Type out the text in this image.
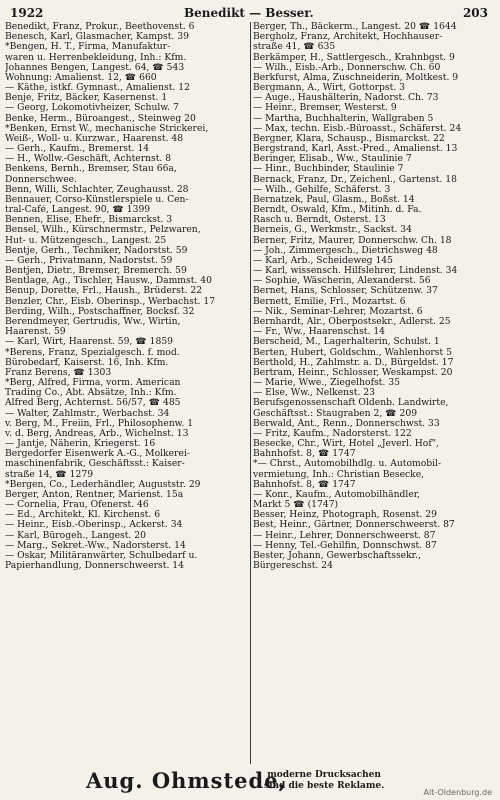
1922	Benedikt — Besser.	203
Benedikt, Franz, Prokur., Beethovenst. 6
Benesch, Karl, Glasmacher, Kampst. 39
*Bengen, H. T., Firma, Manufaktur-
waren u. Herrenbekleidung, Inh.: Kfm.
Johannes Bengen, Langest. 64, ☎ 543
Wohnung: Amalienst. 12, ☎ 660
— Käthe, istkf. Gymnast., Amalienst. 12
Benje, Fritz, Bäcker, Kasernenst. 1
— Georg, Lokomotivheizer, Schulw. 7
Benke, Herm., Büroangest., Steinweg 20
*Benken, Ernst W., mechanische Strickerei,
Weiß-, Woll- u. Kurzwar., Haarenst. 48
— Gerh., Kaufm., Bremerst. 14
— H., Wollw.-Geschäft, Achternst. 8
Benkens, Bernh., Bremser, Stau 66a,
Donnerschwee.
Benn, Willi, Schlachter, Zeughausst. 28
Bennauer, Corso-Künstlerspiele u. Cen-
tral-Café, Langest. 90, ☎ 1399
Bennen, Elise, Ehefr., Bismarckst. 3
Bensel, Wilh., Kürschnermstr., Pelzwaren,
Hut- u. Mützengesch., Langest. 25
Bentje, Gerh., Techniker, Nadorstst. 59
— Gerh., Privatmann, Nadorstst. 59
Bentjen, Dietr., Bremser, Bremerch. 59
Bentlage, Ag., Tischler, Hausw., Dammst. 40
Benup, Dorette, Frl., Haush., Brüderst. 22
Benzler, Chr., Eisb. Oberinsp., Werbachst. 17
Berding, Wilh., Postschaffner, Bocksf. 32
Berendmeyer, Gertrudis, Ww., Wirtin,
Haarenst. 59
— Karl, Wirt, Haarenst. 59, ☎ 1859
*Berens, Franz, Spezialgesch. f. mod.
Bürobedarf, Kaiserst. 16, Inh. Kfm.
Franz Berens, ☎ 1303
*Berg, Alfred, Firma, vorm. American
Trading Co., Abt. Absätze, Inh.: Kfm.
Alfred Berg, Achternst. 56/57, ☎ 485
— Walter, Zahlmstr., Werbachst. 34
v. Berg, M., Freiin, Frl., Philosophenw. 1
v. d. Berg, Andreas, Arb., Wichelnst. 13
— Jantje, Näherin, Kriegerst. 16
Bergedorfer Eisenwerk A.-G., Molkerei-
maschinenfabrik, Geschäftsst.: Kaiser-
straße 14, ☎ 1279
*Bergen, Co., Lederhändler, Auguststr. 29
Berger, Anton, Rentner, Marienst. 15a
— Cornelia, Frau, Ofenerst. 46
— Ed., Architekt, Kl. Kirchenst. 6
— Heinr., Eisb.-Oberinsp., Ackerst. 34
— Karl, Bürogeh., Langest. 20
— Marg., Sekret.-Ww., Nadorsterst. 14
— Oskar, Militäranwärter, Schulbedarf u.
Papierhandlung, Donnerschweerst. 14
Berger, Th., Bäckerm., Langest. 20 ☎ 1644
Bergholz, Franz, Architekt, Hochhauser-
straße 41, ☎ 635
Berkämper, H., Sattlergesch., Krahnbgst. 9
— Wilh., Eisb.-Arb., Donnerschw. Ch. 60
Berkfurst, Alma, Zuschneiderin, Moltkest. 9
Bergmann, A., Wirt, Gottorpst. 3
— Auge., Haushälterin, Nadorst. Ch. 73
— Heinr., Bremser, Westerst. 9
— Martha, Buchhalterin, Wallgraben 5
— Max, techn. Eisb.-Büroasst., Schäferst. 24
Bergner, Klara, Schausp., Bismarckst. 22
Bergstrand, Karl, Asst.-Pred., Amalienst. 13
Beringer, Elisab., Ww., Staulinie 7
— Hinr., Buchbinder, Staulinie 7
Bernack, Franz, Dr., Zeichenl., Gartenst. 18
— Wilh., Gehilfe, Schäferst. 3
Bernatzek, Paul, Glasm., Boßst. 14
Berndt, Oswald, Kfm., Mitinh. d. Fa.
Rasch u. Berndt, Osterst. 13
Berneis, G., Werkmstr., Sackst. 34
Berner, Fritz, Maurer, Donnerschw. Ch. 18
— Joh., Zimmergesch., Dietrichsweg 48
— Karl, Arb., Scheideweg 145
— Karl, wissensch. Hilfslehrer, Lindenst. 34
— Sophie, Wäscherin, Alexanderst. 56
Bernet, Hans, Schlosser, Schützenw. 37
Bernett, Emilie, Frl., Mozartst. 6
— Nik., Seminar-Lehrer, Mozartst. 6
Bernhardt, Alr., Oberpostsekr., Adlerst. 25
— Fr., Ww., Haarenschst. 14
Berscheid, M., Lagerhalterin, Schulst. 1
Berten, Hubert, Goldschm., Wahlenhorst 5
Berthold, H., Zahlmstr. a. D., Bürgeldst. 17
Bertram, Heinr., Schlosser, Weskampst. 20
— Marie, Wwe., Ziegelhofst. 35
— Else, Ww., Nelkenst. 23
Berufsgenossenschaft Oldenb. Landwirte,
Geschäftsst.: Staugraben 2, ☎ 209
Berwald, Ant., Renn., Donnerschwst. 33
— Fritz, Kaufm., Nadorsterst. 122
Besecke, Chr., Wirt, Hotel „Jeverl. Hof",
Bahnhofst. 8, ☎ 1747
*— Chrst., Automobilhdlg. u. Automobil-
vermietung, Inh.: Christian Besecke,
Bahnhofst. 8, ☎ 1747
— Konr., Kaufm., Automobilhändler,
Markt 5 ☎ (1747)
Besser, Heinz, Photograph, Rosenst. 29
Best, Heinr., Gärtner, Donnerschweerst. 87
— Heinr., Lehrer, Donnerschweerst. 87
— Henny, Tel.-Gehilfin, Donnschwst. 87
Bester, Johann, Gewerbschaftssekr.,
Bürgereschst. 24
Aug. Ohmstede,
moderne Drucksachen
sind die beste Reklame.
Alt-Oldenburg.de
